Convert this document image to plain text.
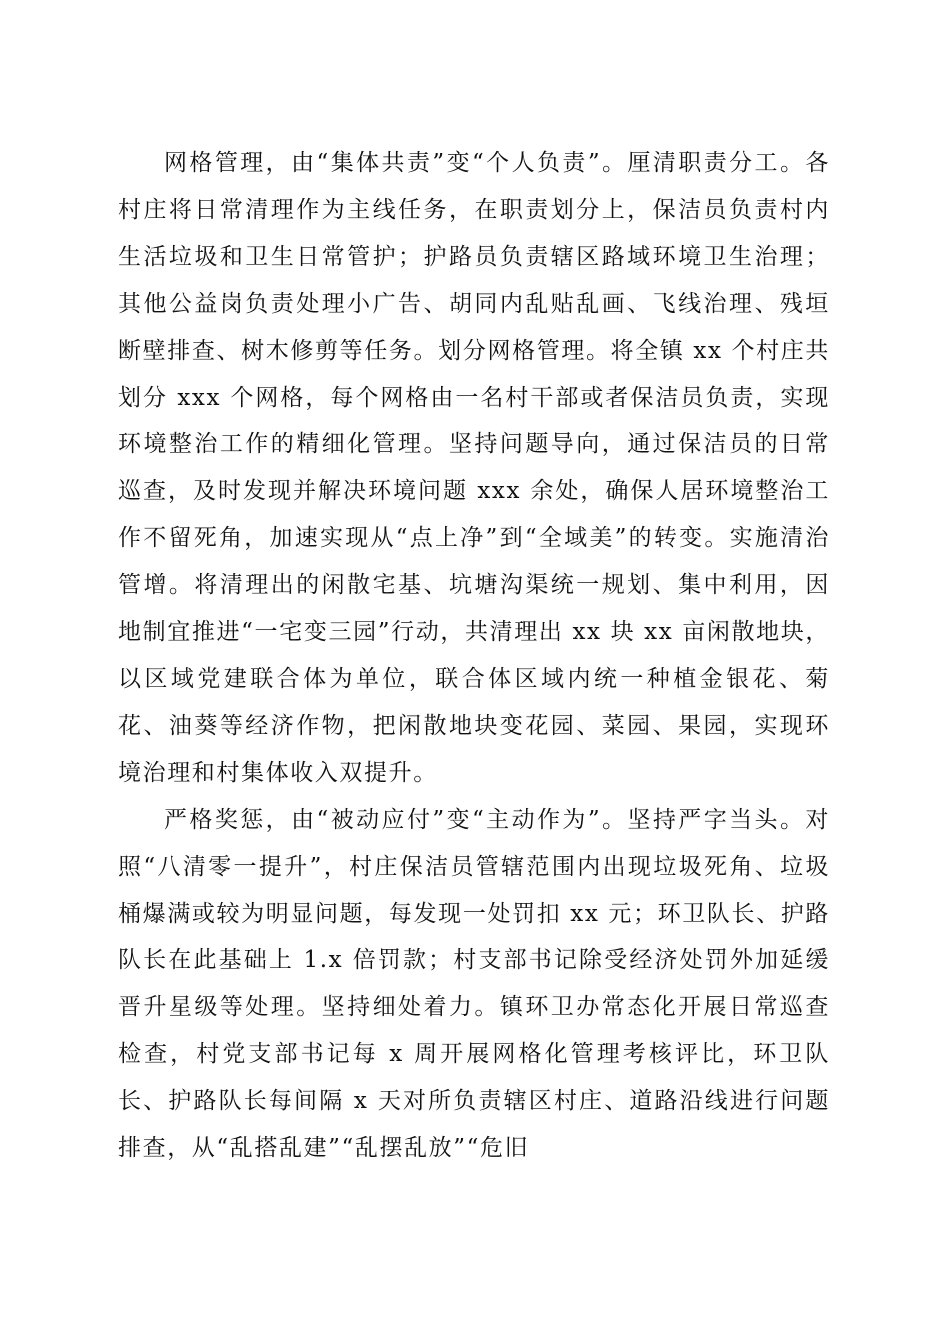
网格管理，由“集体共责”变“个人负责”。厘清职责分工。各村庄将日常清理作为主线任务，在职责划分上，保洁员负责村内生活垃圾和卫生日常管护；护路员负责辖区路域环境卫生治理；其他公益岗负责处理小广告、胡同内乱贴乱画、飞线治理、残垣断壁排查、树木修剪等任务。划分网格管理。将全镇 xx 个村庄共划分 xxx 个网格，每个网格由一名村干部或者保洁员负责，实现环境整治工作的精细化管理。坚持问题导向，通过保洁员的日常巡查，及时发现并解决环境问题 xxx 余处，确保人居环境整治工作不留死角，加速实现从“点上净”到“全域美”的转变。实施清治管增。将清理出的闲散宅基、坑塘沟渠统一规划、集中利用，因地制宜推进“一宅变三园”行动，共清理出 xx 块 xx 亩闲散地块，以区域党建联合体为单位，联合体区域内统一种植金银花、菊花、油葵等经济作物，把闲散地块变花园、菜园、果园，实现环境治理和村集体收入双提升。

严格奖惩，由“被动应付”变“主动作为”。坚持严字当头。对照“八清零一提升”，村庄保洁员管辖范围内出现垃圾死角、垃圾桶爆满或较为明显问题，每发现一处罚扣 xx 元；环卫队长、护路队长在此基础上 1.x 倍罚款；村支部书记除受经济处罚外加延缓晋升星级等处理。坚持细处着力。镇环卫办常态化开展日常巡查检查，村党支部书记每 x 周开展网格化管理考核评比，环卫队长、护路队长每间隔 x 天对所负责辖区村庄、道路沿线进行问题排查，从“乱搭乱建”“乱摆乱放”“危旧
